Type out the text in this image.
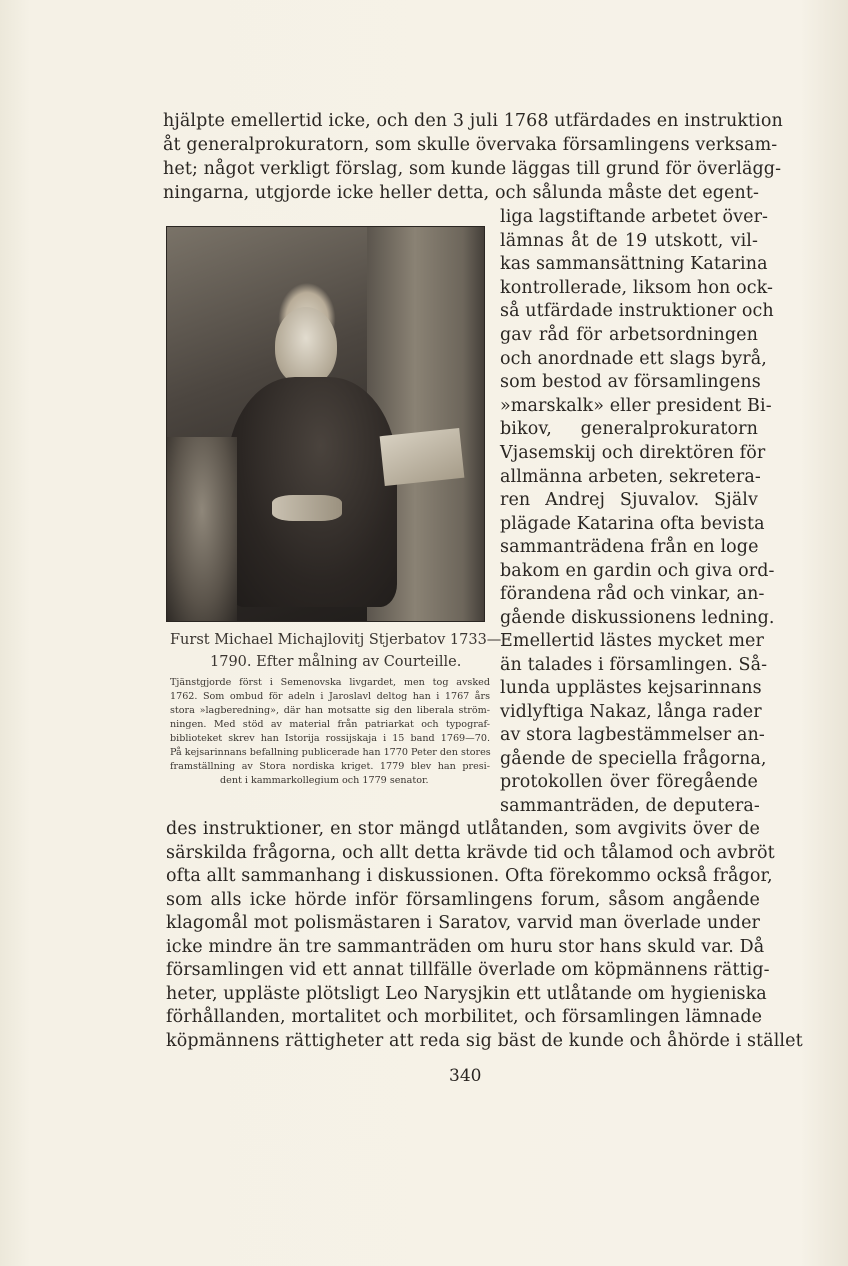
hjälpte emellertid icke, och den 3 juli 1768 utfärdades en instruktion
åt generalprokuratorn, som skulle övervaka församlingens verksam-
het; något verkligt förslag, som kunde läggas till grund för överlägg-
ningarna, utgjorde icke heller detta, och sålunda måste det egent-
liga lagstiftande arbetet över-
lämnas åt de 19 utskott, vil-
kas sammansättning Katarina
kontrollerade, liksom hon ock-
så utfärdade instruktioner och
gav råd för arbetsordningen
och anordnade ett slags byrå,
som bestod av församlingens
»marskalk» eller president Bi-
bikov, generalprokuratorn
Vjasemskij och direktören för
allmänna arbeten, sekretera-
ren Andrej Sjuvalov. Själv
plägade Katarina ofta bevista
sammanträdena från en loge
bakom en gardin och giva ord-
förandena råd och vinkar, an-
gående diskussionens ledning.
Emellertid lästes mycket mer
än talades i församlingen. Så-
lunda upplästes kejsarinnans
vidlyftiga Nakaz, långa rader
av stora lagbestämmelser an-
gående de speciella frågorna,
protokollen över föregående
sammanträden, de deputera-
Furst Michael Michajlovitj Stjerbatov 1733—
1790. Efter målning av Courteille.
Tjänstgjorde först i Semenovska livgardet, men tog avsked
1762. Som ombud för adeln i Jaroslavl deltog han i 1767 års
stora »lagberedning», där han motsatte sig den liberala ström-
ningen. Med stöd av material från patriarkat och typograf-
biblioteket skrev han Istorija rossijskaja i 15 band 1769—70.
På kejsarinnans befallning publicerade han 1770 Peter den stores
framställning av Stora nordiska kriget. 1779 blev han presi-
dent i kammarkollegium och 1779 senator.
des instruktioner, en stor mängd utlåtanden, som avgivits över de
särskilda frågorna, och allt detta krävde tid och tålamod och avbröt
ofta allt sammanhang i diskussionen. Ofta förekommo också frågor,
som alls icke hörde inför församlingens forum, såsom angående
klagomål mot polismästaren i Saratov, varvid man överlade under
icke mindre än tre sammanträden om huru stor hans skuld var. Då
församlingen vid ett annat tillfälle överlade om köpmännens rättig-
heter, upplästе plötsligt Leo Narysjkin ett utlåtande om hygieniska
förhållanden, mortalitet och morbilitet, och församlingen lämnade
köpmännens rättigheter att reda sig bäst de kunde och åhörde i stället
340
